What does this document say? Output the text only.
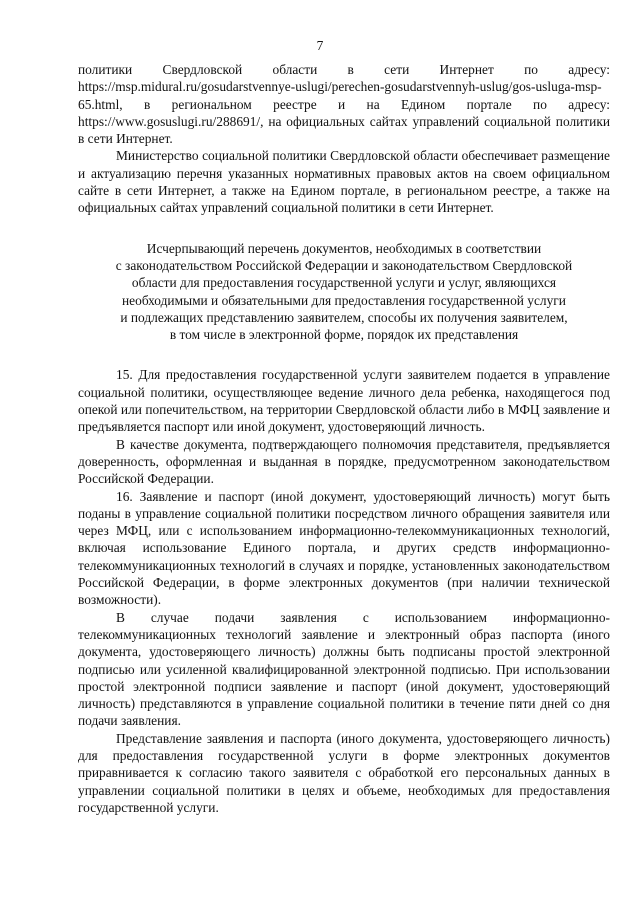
7

политики Свердловской области в сети Интернет по адресу: https://msp.midural.ru/gosudarstvennye-uslugi/perechen-gosudarstvennyh-uslug/gos-usluga-msp-65.html, в региональном реестре и на Едином портале по адресу: https://www.gosuslugi.ru/288691/, на официальных сайтах управлений социальной политики в сети Интернет.

Министерство социальной политики Свердловской области обеспечивает размещение и актуализацию перечня указанных нормативных правовых актов на своем официальном сайте в сети Интернет, а также на Едином портале, в региональном реестре, а также на официальных сайтах управлений социальной политики в сети Интернет.

Исчерпывающий перечень документов, необходимых в соответствии
с законодательством Российской Федерации и законодательством Свердловской
области для предоставления государственной услуги и услуг, являющихся
необходимыми и обязательными для предоставления государственной услуги
и подлежащих представлению заявителем, способы их получения заявителем,
в том числе в электронной форме, порядок их представления

15. Для предоставления государственной услуги заявителем подается в управление социальной политики, осуществляющее ведение личного дела ребенка, находящегося под опекой или попечительством, на территории Свердловской области либо в МФЦ заявление и предъявляется паспорт или иной документ, удостоверяющий личность.

В качестве документа, подтверждающего полномочия представителя, предъявляется доверенность, оформленная и выданная в порядке, предусмотренном законодательством Российской Федерации.

16. Заявление и паспорт (иной документ, удостоверяющий личность) могут быть поданы в управление социальной политики посредством личного обращения заявителя или через МФЦ, или с использованием информационно-телекоммуникационных технологий, включая использование Единого портала, и других средств информационно-телекоммуникационных технологий в случаях и порядке, установленных законодательством Российской Федерации, в форме электронных документов (при наличии технической возможности).

В случае подачи заявления с использованием информационно-телекоммуникационных технологий заявление и электронный образ паспорта (иного документа, удостоверяющего личность) должны быть подписаны простой электронной подписью или усиленной квалифицированной электронной подписью. При использовании простой электронной подписи заявление и паспорт (иной документ, удостоверяющий личность) представляются в управление социальной политики в течение пяти дней со дня подачи заявления.

Представление заявления и паспорта (иного документа, удостоверяющего личность) для предоставления государственной услуги в форме электронных документов приравнивается к согласию такого заявителя с обработкой его персональных данных в управлении социальной политики в целях и объеме, необходимых для предоставления государственной услуги.
